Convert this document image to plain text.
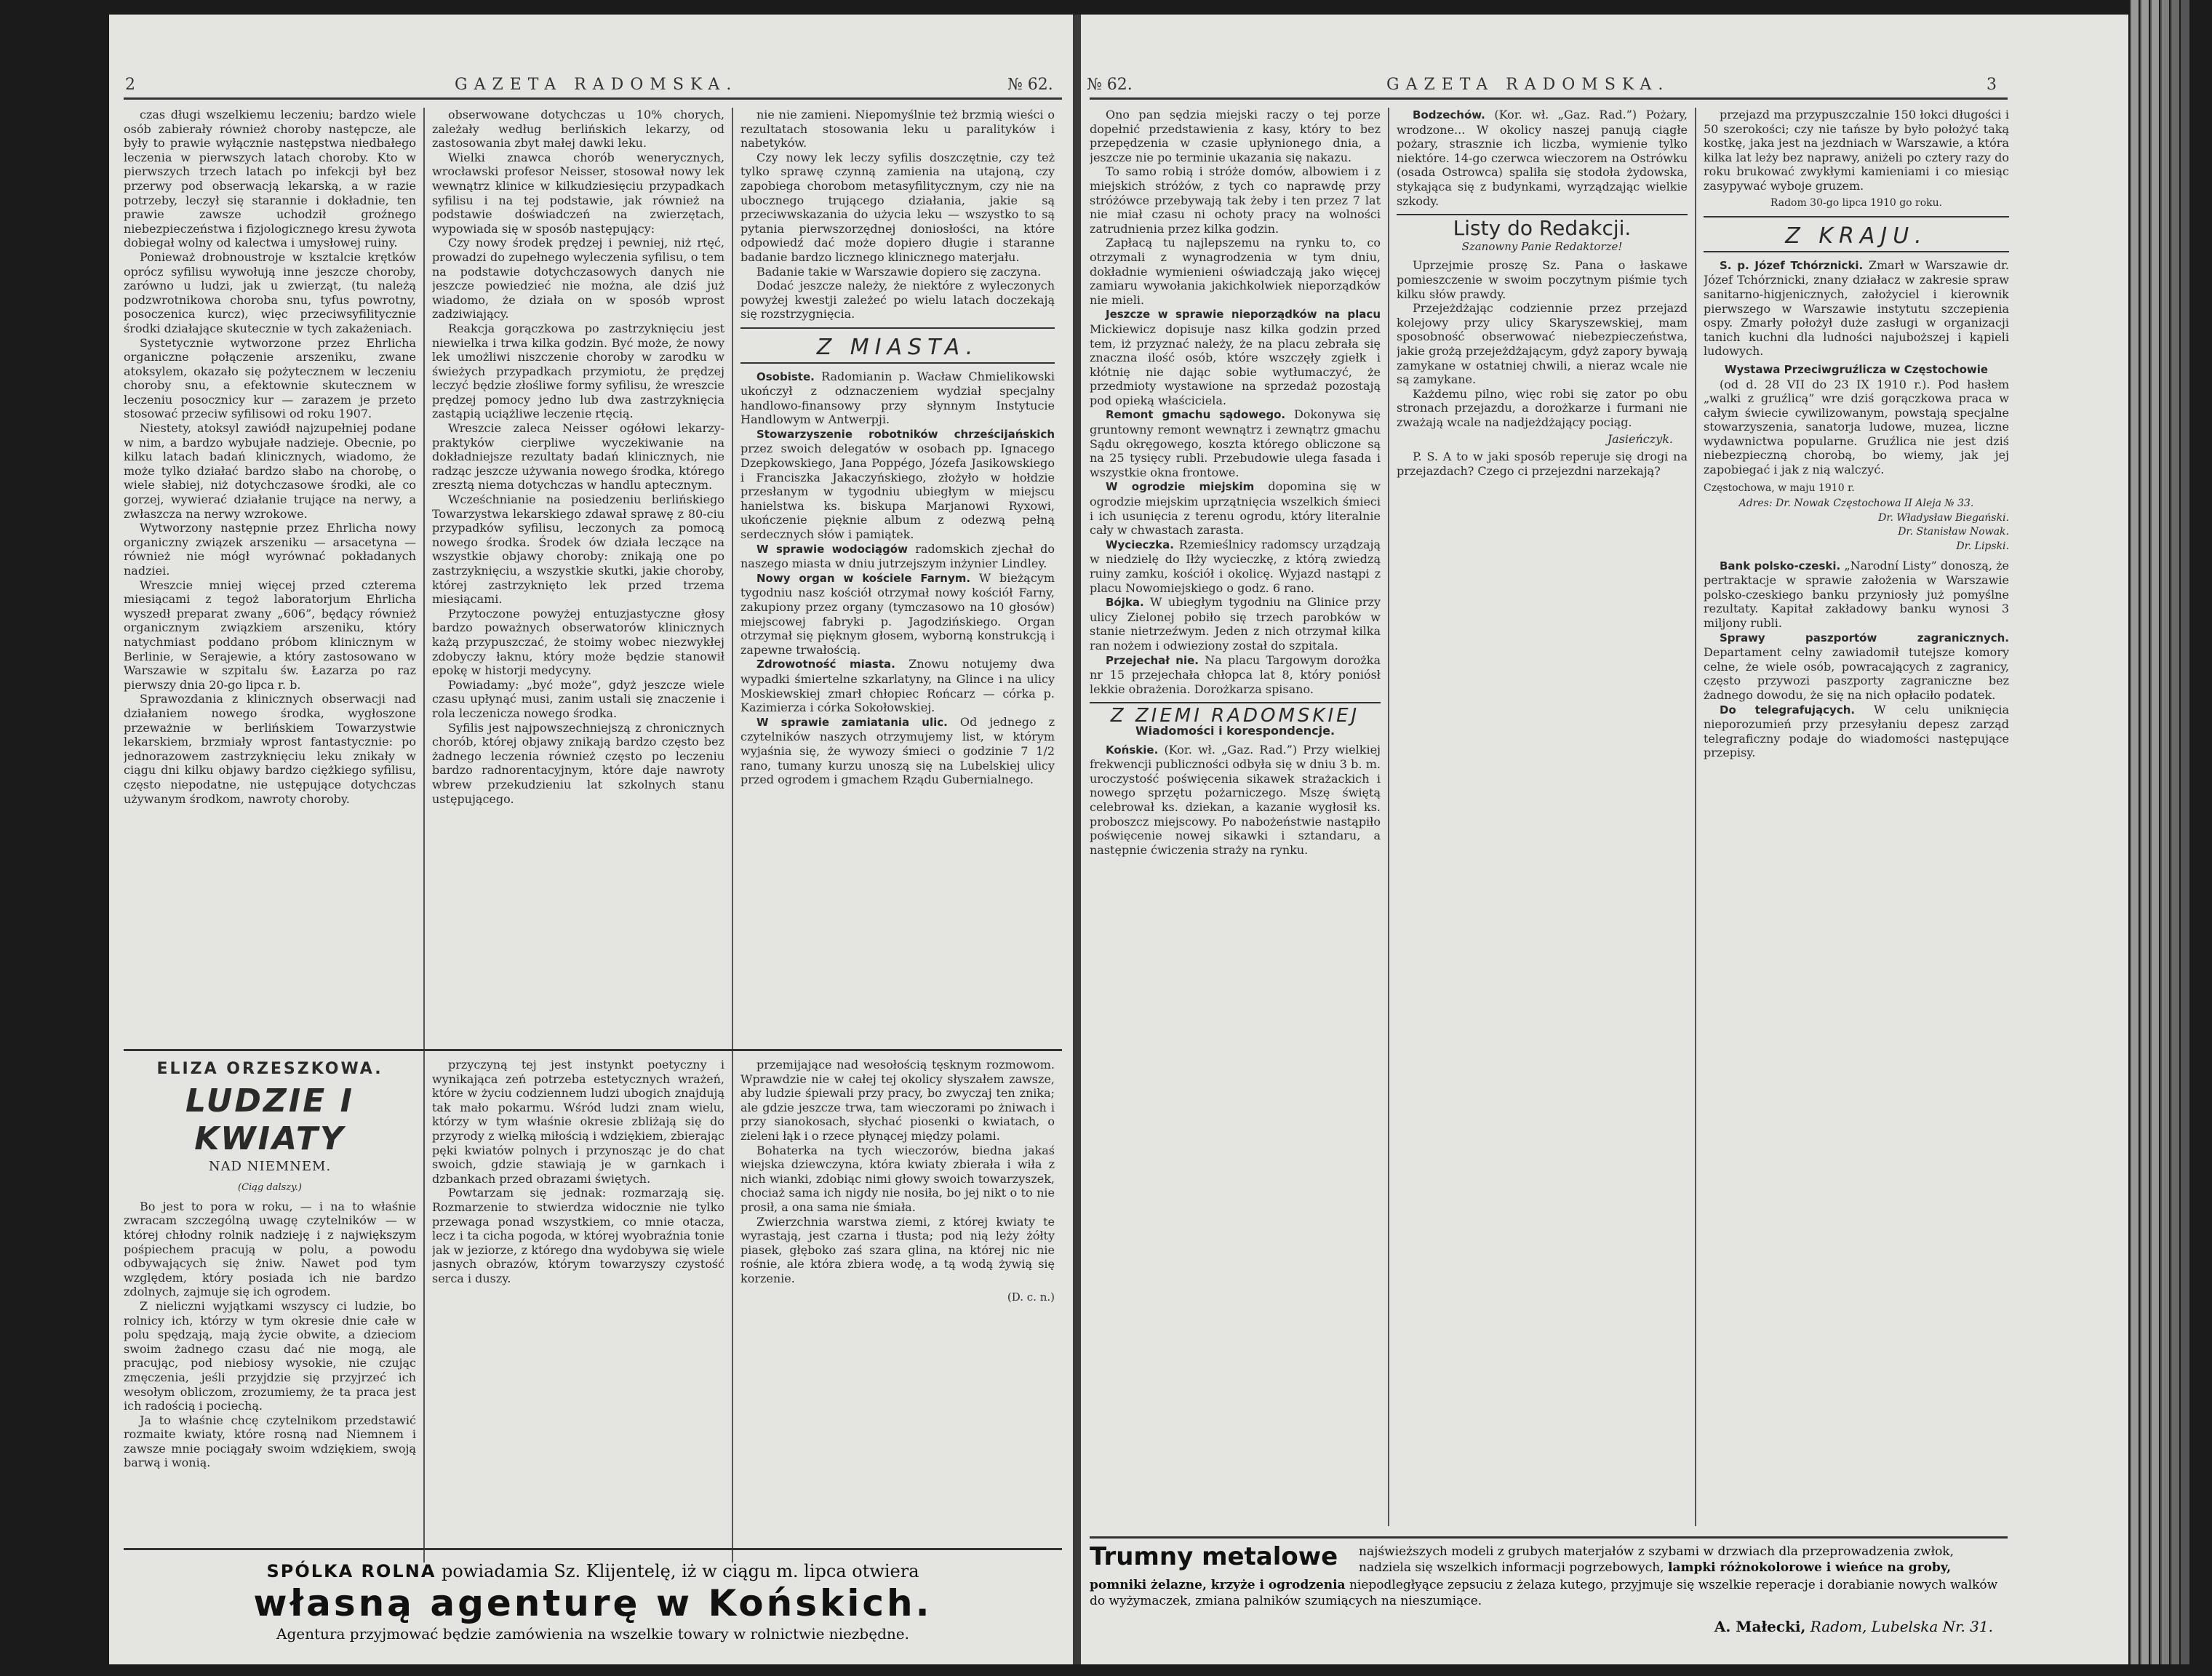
2	GAZETA RADOMSKA.	№ 62.

czas długi wszelkiemu leczeniu; bardzo wiele osób zabierały również choroby następcze, ale były to prawie wyłącznie następstwa niedbałego leczenia w pierwszych latach choroby. Kto w pierwszych trzech latach po infekcji był bez przerwy pod obserwacją lekarską, a w razie potrzeby, leczył się starannie i dokładnie, ten prawie zawsze uchodził groźnego niebezpieczeństwa i fizjologicznego kresu żywota dobiegał wolny od kalectwa i umysłowej ruiny.

Ponieważ drobnoustroje w ksztalcie krętków oprócz syfilisu wywołują inne jeszcze choroby, zarówno u ludzi, jak u zwierząt, (tu należą podzwrotnikowa choroba snu, tyfus powrotny, posoczenica kurcz), więc przeciwsyfilitycznie środki działające skutecznie w tych zakażeniach.

Systetycznie wytworzone przez Ehrlicha organiczne połączenie arszeniku, zwane atoksylem, okazało się pożytecznem w leczeniu choroby snu, a efektownie skutecznem w leczeniu posocznicy kur — zarazem je przeto stosować przeciw syfilisowi od roku 1907.

Niestety, atoksyl zawiódł najzupełniej podane w nim, a bardzo wybujałe nadzieje. Obecnie, po kilku latach badań klinicznych, wiadomo, że może tylko działać bardzo słabo na chorobę, o wiele słabiej, niż dotychczasowe środki, ale co gorzej, wywierać działanie trujące na nerwy, a zwłaszcza na nerwy wzrokowe.

Wytworzony następnie przez Ehrlicha nowy organiczny związek arszeniku — arsacetyna — również nie mógł wyrównać pokładanych nadziei.

Wreszcie mniej więcej przed czterema miesiącami z tegoż laboratorjum Ehrlicha wyszedł preparat zwany „606”, będący również organicznym związkiem arszeniku, który natychmiast poddano próbom klinicznym w Berlinie, w Serajewie, a który zastosowano w Warszawie w szpitalu św. Łazarza po raz pierwszy dnia 20-go lipca r. b.

Sprawozdania z klinicznych obserwacji nad działaniem nowego środka, wygłoszone przeważnie w berlińskiem Towarzystwie lekarskiem, brzmiały wprost fantastycznie: po jednorazowem zastrzyknięciu leku znikały w ciągu dni kilku objawy bardzo ciężkiego syfilisu, często niepodatne, nie ustępujące dotychczas używanym środkom, nawroty choroby.

obserwowane dotychczas u 10% chorych, zależały według berlińskich lekarzy, od zastosowania zbyt małej dawki leku.

Wielki znawca chorób wenerycznych, wrocławski profesor Neisser, stosował nowy lek wewnątrz klinice w kilkudziesięciu przypadkach syfilisu i na tej podstawie, jak również na podstawie doświadczeń na zwierzętach, wypowiada się w sposób następujący:

Czy nowy środek prędzej i pewniej, niż rtęć, prowadzi do zupełnego wyleczenia syfilisu, o tem na podstawie dotychczasowych danych nie jeszcze powiedzieć nie można, ale dziś już wiadomo, że działa on w sposób wprost zadziwiający.

Reakcja gorączkowa po zastrzyknięciu jest niewielka i trwa kilka godzin. Być może, że nowy lek umożliwi niszczenie choroby w zarodku w świeżych przypadkach przymiotu, że prędzej leczyć będzie złośliwe formy syfilisu, że wreszcie prędzej pomocy jedno lub dwa zastrzyknięcia zastąpią uciążliwe leczenie rtęcią.

Wreszcie zaleca Neisser ogółowi lekarzy-praktyków cierpliwe wyczekiwanie na dokładniejsze rezultaty badań klinicznych, nie radząc jeszcze używania nowego środka, którego zresztą niema dotychczas w handlu aptecznym.

Wcześchnianie na posiedzeniu berlińskiego Towarzystwa lekarskiego zdawał sprawę z 80-ciu przypadków syfilisu, leczonych za pomocą nowego środka. Środek ów działa leczące na wszystkie objawy choroby: znikają one po zastrzyknięciu, a wszystkie skutki, jakie choroby, której zastrzyknięto lek przed trzema miesiącami.

Przytoczone powyżej entuzjastyczne głosy bardzo poważnych obserwatorów klinicznych każą przypuszczać, że stoimy wobec niezwykłej zdobyczy łaknu, który może będzie stanowił epokę w historji medycyny.

Powiadamy: „być może”, gdyż jeszcze wiele czasu upłynąć musi, zanim ustali się znaczenie i rola leczenicza nowego środka.

Syfilis jest najpowszechniejszą z chronicznych chorób, której objawy znikają bardzo często bez żadnego leczenia również często po leczeniu bardzo radnorentacyjnym, które daje nawroty wbrew przekudzieniu lat szkolnych stanu ustępującego.

nie nie zamieni. Niepomyślnie też brzmią wieści o rezultatach stosowania leku u paralityków i nabetyków.

Czy nowy lek leczy syfilis doszczętnie, czy też tylko sprawę czynną zamienia na utajoną, czy zapobiega chorobom metasyfilitycznym, czy nie na ubocznego trującego działania, jakie są przeciwwskazania do użycia leku — wszystko to są pytania pierwszorzędnej doniosłości, na które odpowiedź dać może dopiero długie i staranne badanie bardzo licznego klinicznego materjału.

Badanie takie w Warszawie dopiero się zaczyna.

Dodać jeszcze należy, że niektóre z wyleczonych powyżej kwestji zależeć po wielu latach doczekają się rozstrzygnięcia.

Z MIASTA.

Osobiste. Radomianin p. Wacław Chmielikowski ukończył z odznaczeniem wydział specjalny handlowo-finansowy przy słynnym Instytucie Handlowym w Antwerpji.

Stowarzyszenie robotników chrześcijańskich przez swoich delegatów w osobach pp. Ignacego Dzepkowskiego, Jana Poppégo, Józefa Jasikowskiego i Franciszka Jakaczyńskiego, złożyło w hołdzie przesłanym w tygodniu ubiegłym w miejscu hanielstwa ks. biskupa Marjanowi Ryxowi, ukończenie pięknie album z odezwą pełną serdecznych słów i pamiątek.

W sprawie wodociągów radomskich zjechał do naszego miasta w dniu jutrzejszym inżynier Lindley.

Nowy organ w kościele Farnym. W bieżącym tygodniu nasz kościół otrzymał nowy kościół Farny, zakupiony przez organy (tymczasowo na 10 głosów) miejscowej fabryki p. Jagodzińskiego. Organ otrzymał się pięknym głosem, wyborną konstrukcją i zapewne trwałością.

Zdrowotność miasta. Znowu notujemy dwa wypadki śmiertelne szkarlatyny, na Glince i na ulicy Moskiewskiej zmarł chłopiec Rońcarz — córka p. Kazimierza i córka Sokołowskiej.

W sprawie zamiatania ulic. Od jednego z czytelników naszych otrzymujemy list, w którym wyjaśnia się, że wywozy śmieci o godzinie 7 1/2 rano, tumany kurzu unoszą się na Lubelskiej ulicy przed ogrodem i gmachem Rządu Gubernialnego.

ELIZA ORZESZKOWA.
LUDZIE I KWIATY
NAD NIEMNEM.
(Ciąg dalszy.)

Bo jest to pora w roku, — i na to właśnie zwracam szczególną uwagę czytelników — w której chłodny rolnik nadzieję i z największym pośpiechem pracują w polu, a powodu odbywających się żniw. Nawet pod tym względem, który posiada ich nie bardzo zdolnych, zajmuje się ich ogrodem.

Z nieliczni wyjątkami wszyscy ci ludzie, bo rolnicy ich, którzy w tym okresie dnie całe w polu spędzają, mają życie obwite, a dzieciom swoim żadnego czasu dać nie mogą, ale pracując, pod niebiosy wysokie, nie czując zmęczenia, jeśli przyjdzie się przyjrzeć ich wesołym obliczom, zrozumiemy, że ta praca jest ich radością i pociechą.

Ja to właśnie chcę czytelnikom przedstawić rozmaite kwiaty, które rosną nad Niemnem i zawsze mnie pociągały swoim wdziękiem, swoją barwą i wonią.

przyczyną tej jest instynkt poetyczny i wynikająca zeń potrzeba estetycznych wrażeń, które w życiu codziennem ludzi ubogich znajdują tak mało pokarmu. Wśród ludzi znam wielu, którzy w tym właśnie okresie zbliżają się do przyrody z wielką miłością i wdziękiem, zbierając pęki kwiatów polnych i przynosząc je do chat swoich, gdzie stawiają je w garnkach i dzbankach przed obrazami świętych.

Powtarzam się jednak: rozmarzają się. Rozmarzenie to stwierdza widocznie nie tylko przewaga ponad wszystkiem, co mnie otacza, lecz i ta cicha pogoda, w której wyobraźnia tonie jak w jeziorze, z którego dna wydobywa się wiele jasnych obrazów, którym towarzyszy czystość serca i duszy.

przemijające nad wesołością tęsknym rozmowom. Wprawdzie nie w całej tej okolicy słyszałem zawsze, aby ludzie śpiewali przy pracy, bo zwyczaj ten znika; ale gdzie jeszcze trwa, tam wieczorami po żniwach i przy sianokosach, słychać piosenki o kwiatach, o zieleni łąk i o rzece płynącej między polami.

Bohaterka na tych wieczorów, biedna jakaś wiejska dziewczyna, która kwiaty zbierała i wiła z nich wianki, zdobiąc nimi głowy swoich towarzyszek, chociaż sama ich nigdy nie nosiła, bo jej nikt o to nie prosił, a ona sama nie śmiała.

Zwierzchnia warstwa ziemi, z której kwiaty te wyrastają, jest czarna i tłusta; pod nią leży żółty piasek, głęboko zaś szara glina, na której nic nie rośnie, ale która zbiera wodę, a tą wodą żywią się korzenie.

(D. c. n.)
SPÓLKA ROLNA powiadamia Sz. Klijentelę, iż w ciągu m. lipca otwiera
własną agenturę w Końskich.
Agentura przyjmować będzie zamówienia na wszelkie towary w rolnictwie niezbędne.
№ 62.	GAZETA RADOMSKA.	3

Ono pan sędzia miejski raczy o tej porze dopełnić przedstawienia z kasy, który to bez przepędzenia w czasie upłynionego dnia, a jeszcze nie po terminie ukazania się nakazu.

To samo robią i stróże domów, albowiem i z miejskich stróżów, z tych co naprawdę przy stróżówce przebywają tak żeby i ten przez 7 lat nie miał czasu ni ochoty pracy na wolności zatrudnienia przez kilka godzin.

Zapłacą tu najlepszemu na rynku to, co otrzymali z wynagrodzenia w tym dniu, dokładnie wymienieni oświadczają jako więcej zamiaru wywołania jakichkolwiek nieporządków nie mieli.

Jeszcze w sprawie nieporządków na placu Mickiewicz dopisuje nasz kilka godzin przed tem, iż przyznać należy, że na placu zebrała się znaczna ilość osób, które wszczęły zgiełk i kłótnię nie dając sobie wytłumaczyć, że przedmioty wystawione na sprzedaż pozostają pod opieką właściciela.

Remont gmachu sądowego. Dokonywa się gruntowny remont wewnątrz i zewnątrz gmachu Sądu okręgowego, koszta którego obliczone są na 25 tysięcy rubli. Przebudowie ulega fasada i wszystkie okna frontowe.

W ogrodzie miejskim dopomina się w ogrodzie miejskim uprzątnięcia wszelkich śmieci i ich usunięcia z terenu ogrodu, który literalnie cały w chwastach zarasta.

Wycieczka. Rzemieślnicy radomscy urządzają w niedzielę do Iłży wycieczkę, z którą zwiedzą ruiny zamku, kościół i okolicę. Wyjazd nastąpi z placu Nowomiejskiego o godz. 6 rano.

Bójka. W ubiegłym tygodniu na Glinice przy ulicy Zielonej pobiło się trzech parobków w stanie nietrzeźwym. Jeden z nich otrzymał kilka ran nożem i odwieziony został do szpitala.

Przejechał nie. Na placu Targowym dorożka nr 15 przejechała chłopca lat 8, który poniósł lekkie obrażenia. Dorożkarza spisano.

Z ZIEMI RADOMSKIEJ
Wiadomości i korespondencje.

Końskie. (Kor. wł. „Gaz. Rad.”) Przy wielkiej frekwencji publiczności odbyła się w dniu 3 b. m. uroczystość poświęcenia sikawek strażackich i nowego sprzętu pożarniczego. Mszę świętą celebrował ks. dziekan, a kazanie wygłosił ks. proboszcz miejscowy. Po nabożeństwie nastąpiło poświęcenie nowej sikawki i sztandaru, a następnie ćwiczenia straży na rynku.

Bodzechów. (Kor. wł. „Gaz. Rad.”) Pożary, wrodzone... W okolicy naszej panują ciągłe pożary, strasznie ich liczba, wymienie tylko niektóre. 14-go czerwca wieczorem na Ostrówku (osada Ostrowca) spaliła się stodoła żydowska, stykająca się z budynkami, wyrządzając wielkie szkody.

Listy do Redakcji.
Szanowny Panie Redaktorze!

Uprzejmie proszę Sz. Pana o łaskawe pomieszczenie w swoim poczytnym piśmie tych kilku słów prawdy.

Przejeżdżając codziennie przez przejazd kolejowy przy ulicy Skaryszewskiej, mam sposobność obserwować niebezpieczeństwa, jakie grożą przejeżdżającym, gdyż zapory bywają zamykane w ostatniej chwili, a nieraz wcale nie są zamykane.

Każdemu pilno, więc robi się zator po obu stronach przejazdu, a dorożkarze i furmani nie zważają wcale na nadjeżdżający pociąg.

Jasieńczyk.

P. S. A to w jaki sposób reperuje się drogi na przejazdach? Czego ci przejezdni narzekają?

przejazd ma przypuszczalnie 150 łokci długości i 50 szerokości; czy nie tańsze by było położyć taką kostkę, jaka jest na jezdniach w Warszawie, a która kilka lat leży bez naprawy, aniżeli po cztery razy do roku brukować zwykłymi kamieniami i co miesiąc zasypywać wyboje gruzem.

Radom 30-go lipca 1910 go roku.
Z KRAJU.

S. p. Józef Tchórznicki. Zmarł w Warszawie dr. Józef Tchórznicki, znany działacz w zakresie spraw sanitarno-higjenicznych, założyciel i kierownik pierwszego w Warszawie instytutu szczepienia ospy. Zmarły położył duże zasługi w organizacji tanich kuchni dla ludności najuboższej i kąpieli ludowych.

Wystawa Przeciwgruźlicza w Częstochowie

(od d. 28 VII do 23 IX 1910 r.). Pod hasłem „walki z gruźlicą” wre dziś gorączkowa praca w całym świecie cywilizowanym, powstają specjalne stowarzyszenia, sanatorja ludowe, muzea, liczne wydawnictwa popularne. Gruźlica nie jest dziś niebezpieczną chorobą, bo wiemy, jak jej zapobiegać i jak z nią walczyć.

Częstochowa, w maju 1910 r.
Adres: Dr. Nowak Częstochowa II Aleja № 33.
Dr. Władysław Biegański.
Dr. Stanisław Nowak.
Dr. Lipski.

Bank polsko-czeski. „Narodní Listy” donoszą, że pertraktacje w sprawie założenia w Warszawie polsko-czeskiego banku przyniosły już pomyślne rezultaty. Kapitał zakładowy banku wynosi 3 miljony rubli.

Sprawy paszportów zagranicznych. Departament celny zawiadomił tutejsze komory celne, że wiele osób, powracających z zagranicy, często przywozi paszporty zagraniczne bez żadnego dowodu, że się na nich opłaciło podatek.

Do telegrafujących. W celu uniknięcia nieporozumień przy przesyłaniu depesz zarząd telegraficzny podaje do wiadomości następujące przepisy.

Trumny metalowe	najświeższych modeli z grubych materjałów z szybami w drzwiach dla przeprowadzenia zwłok, nadziela się wszelkich informacji pogrzebowych, lampki różnokolorowe i wieńce na groby,
pomniki żelazne, krzyże i ogrodzenia niepodległyące zepsuciu z żelaza kutego, przyjmuje się wszelkie reperacje i dorabianie nowych walków do wyżymaczek, zmiana palników szumiących na nieszumiące.
A. Małecki, Radom, Lubelska Nr. 31.
